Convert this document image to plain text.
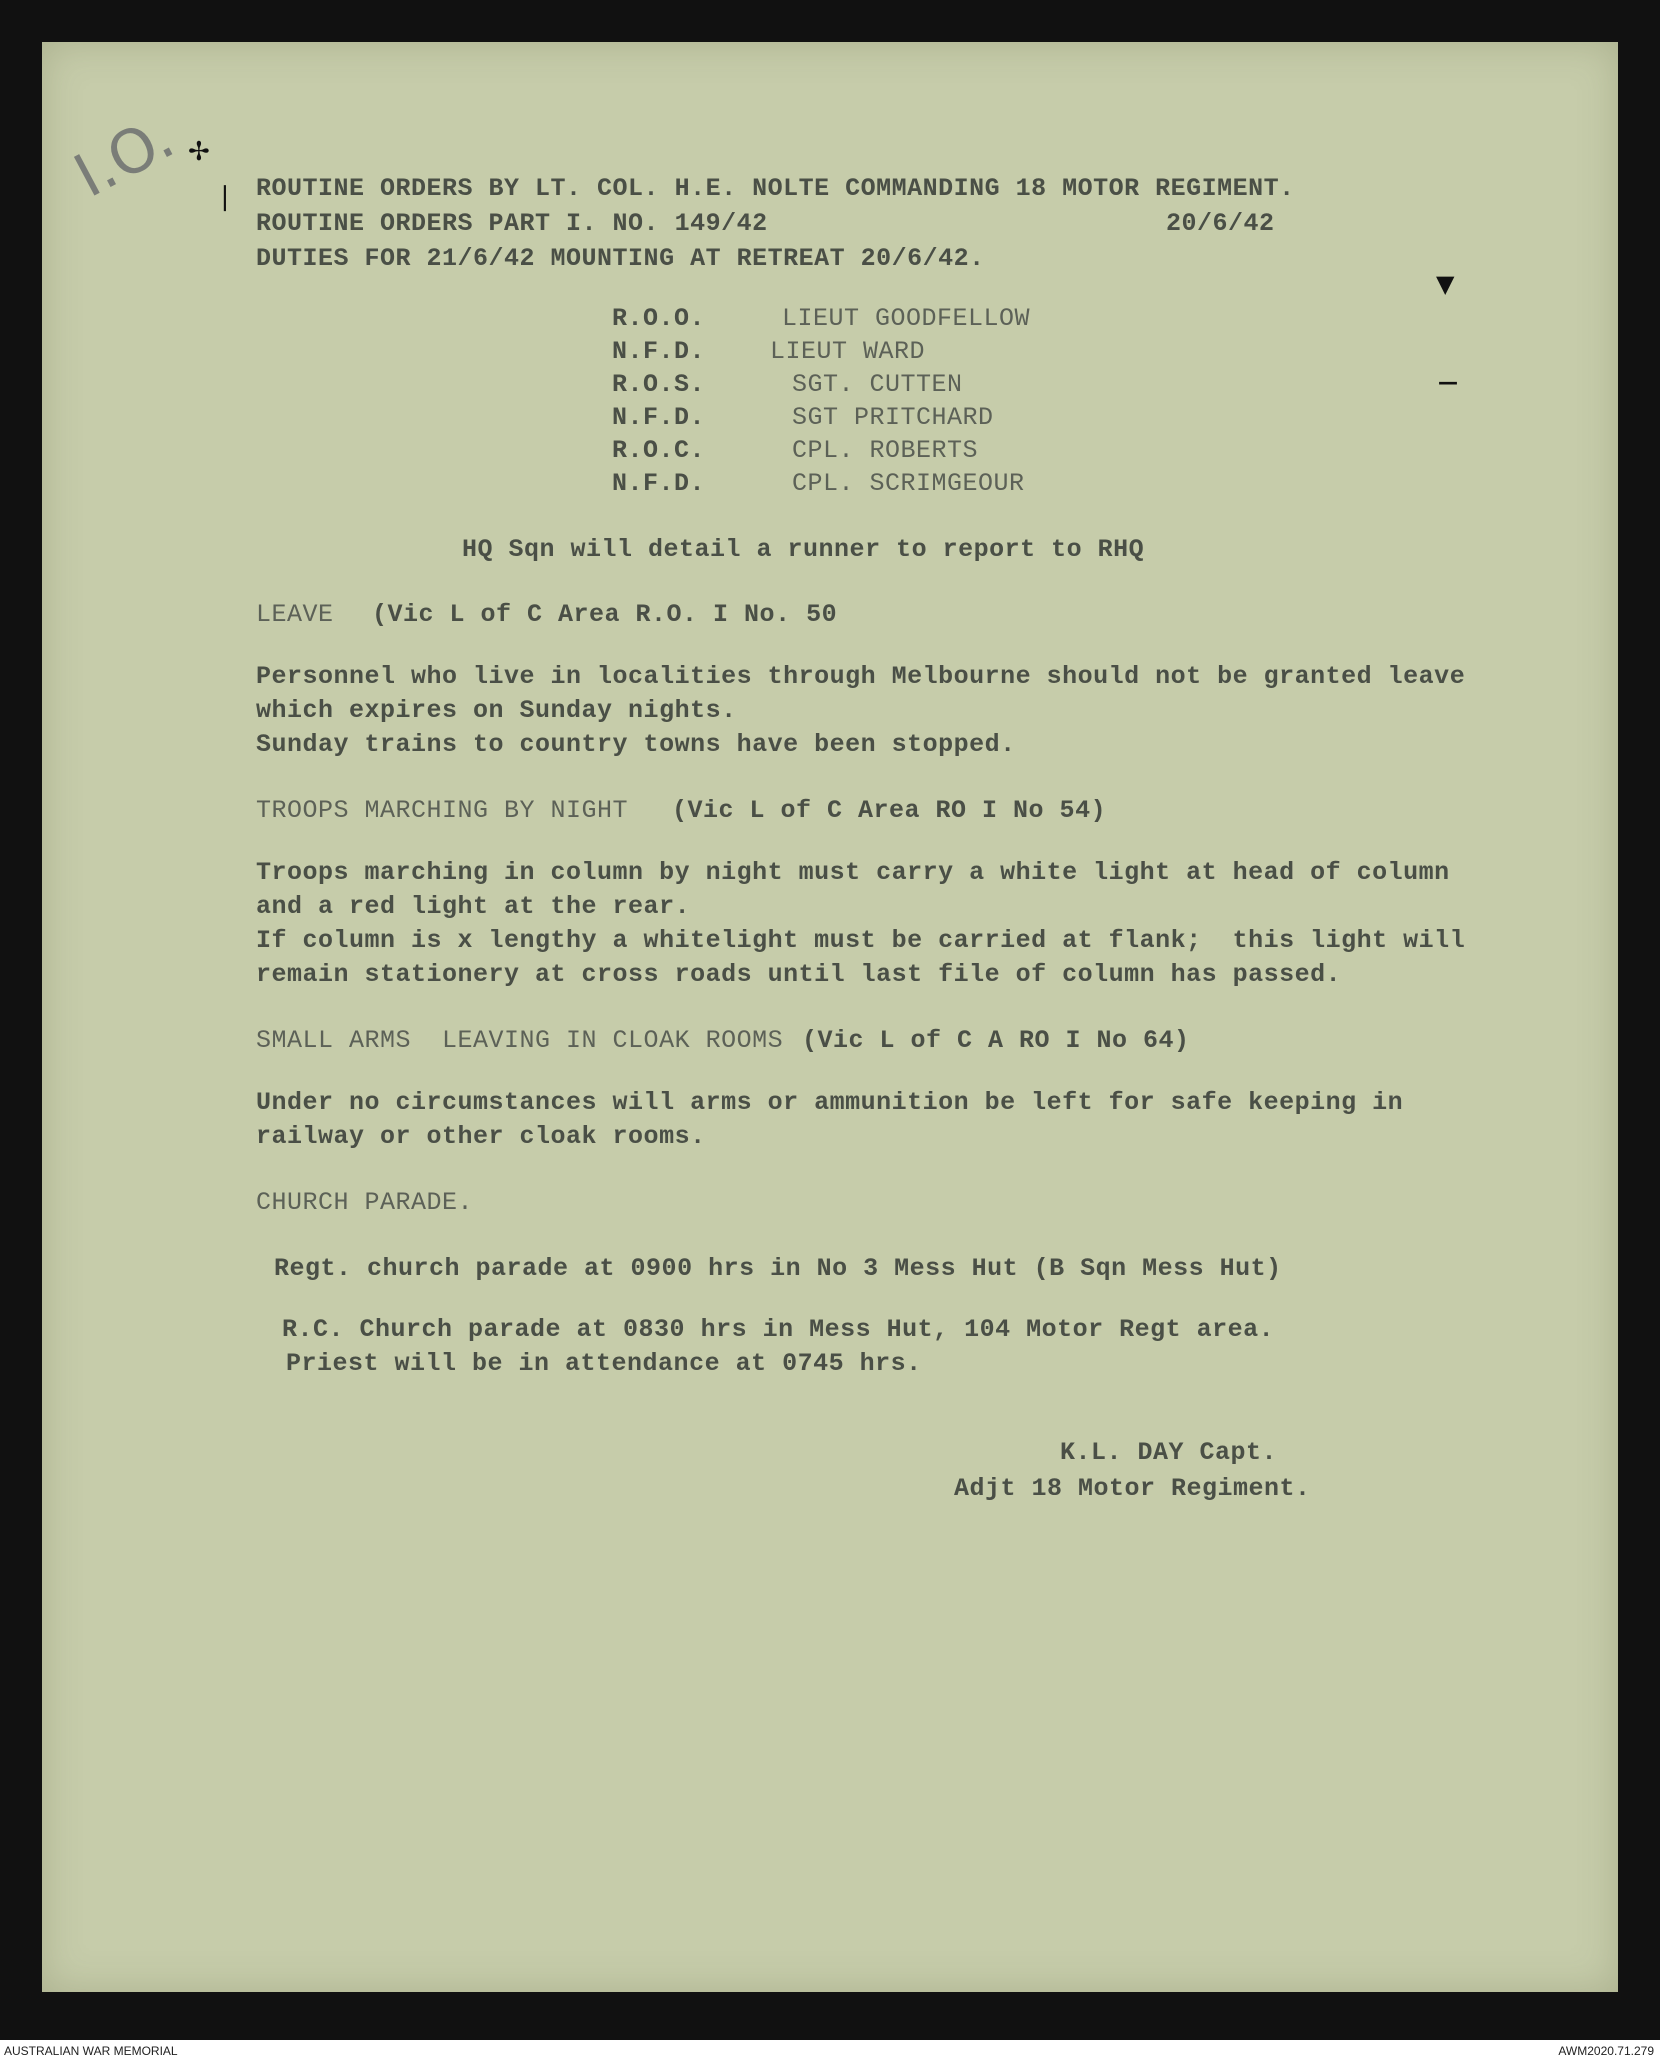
I.O. ✢
❘
▼
—
ROUTINE ORDERS BY LT. COL. H.E. NOLTE COMMANDING 18 MOTOR REGIMENT.
ROUTINE ORDERS PART I. NO. 149/42	20/6/42
DUTIES FOR 21/6/42 MOUNTING AT RETREAT 20/6/42.
R.O.O.	LIEUT GOODFELLOW
N.F.D.	LIEUT WARD
R.O.S.	SGT. CUTTEN
N.F.D.	SGT PRITCHARD
R.O.C.	CPL. ROBERTS
N.F.D.	CPL. SCRIMGEOUR
HQ Sqn will detail a runner to report to RHQ
LEAVE (Vic L of C Area R.O. I No. 50
Personnel who live in localities through Melbourne should not be granted leave
which expires on Sunday nights.
Sunday trains to country towns have been stopped.
TROOPS MARCHING BY NIGHT (Vic L of C Area RO I No 54)
Troops marching in column by night must carry a white light at head of column
and a red light at the rear.
If column is x lengthy a whitelight must be carried at flank;  this light will
remain stationery at cross roads until last file of column has passed.
SMALL ARMS  LEAVING IN CLOAK ROOMS (Vic L of C A RO I No 64)
Under no circumstances will arms or ammunition be left for safe keeping in
railway or other cloak rooms.
CHURCH PARADE.
Regt. church parade at 0900 hrs in No 3 Mess Hut (B Sqn Mess Hut)
R.C. Church parade at 0830 hrs in Mess Hut, 104 Motor Regt area.
Priest will be in attendance at 0745 hrs.
K.L. DAY Capt.
Adjt 18 Motor Regiment.
AUSTRALIAN WAR MEMORIAL	AWM2020.71.279
